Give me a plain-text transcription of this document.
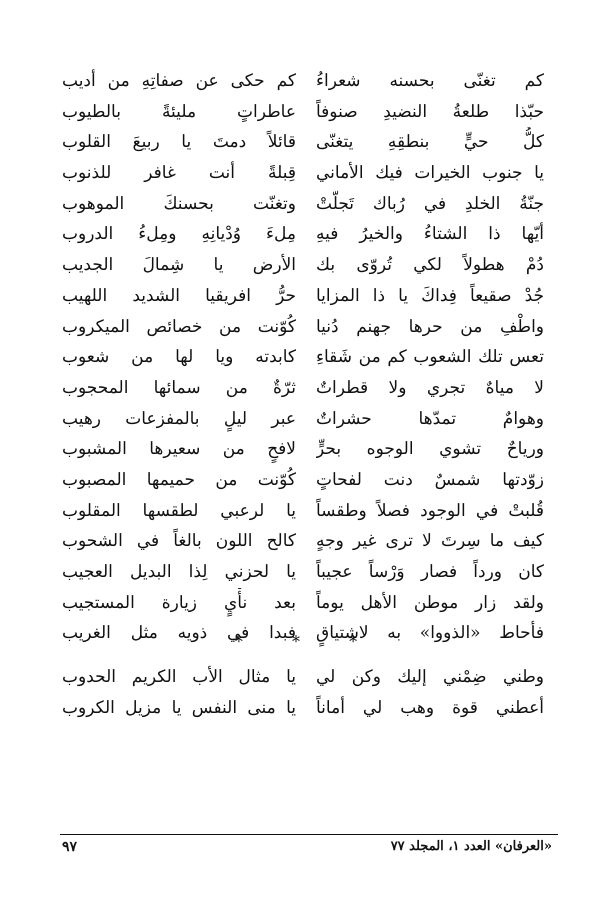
كم تغنّى بحسنه شعراءُ
كم حكى عن صفاتِهِ من أديب
حبّذا طلعةُ النضيدِ صنوفاً
عاطراتٍ مليئةً بالطيوب
كلُّ حيٍّ بنطقِهِ يتغنّى
قائلاً دمتَ يا ربيعَ القلوب
يا جنوب الخيرات فيك الأماني
قِبلةً أنت غافر للذنوب
جنّةُ الخلدِ في رُباك تَجلّتْ
وتغنّت بحسنكَ الموهوب
أيّها ذا الشتاءُ والخيرُ فيهِ
مِلءَ وُدْيانِهِ ومِلءُ الدروب
دُمْ هطولاً لكي تُروّى بك
الأرض يا شِمالَ الجديب
جُدْ صقيعاً فِداكَ يا ذا المزايا
حرُّ افريقيا الشديد اللهيب
واطْفِ من حرها جهنم دُنيا
كُوّنت من خصائص الميكروب
تعس تلك الشعوب كم من شَقاءِ
كابدته ويا لها من شعوب
لا مياهٌ تجري ولا قطراتٌ
ثرّةٌ من سمائها المحجوب
وهوامٌ تمدّها حشراتٌ
عبر ليلٍ بالمفزعات رهيب
ورياحٌ تشوي الوجوه بحرٍّ
لافحٍ من سعيرها المشبوب
زوّدتها شمسٌ دنت لفحاتٍ
كُوّنت من حميمها المصبوب
قُلبتْ في الوجود فصلاً وطقساً
يا لرعبي لطقسها المقلوب
كيف ما سِرتَ لا ترى غير وجهٍ
كالح اللون بالغاً في الشحوب
كان ورداً فصار وَرْساً عجيباً
يا لحزني لِذا البديل العجيب
ولقد زار موطن الأهل يوماً
بعد نأْيٍ زيارة المستجيب
فأحاط «الذووا» به لاشتياقٍ
فبدا في ذويه مثل الغريب
* * *
وطني ضِمْني إليك وكن لي
يا مثال الأب الكريم الحدوب
أعطني قوة وهب لي أماناً
يا منى النفس يا مزيل الكروب
«العرفان» العدد ١، المجلد ٧٧
٩٧
